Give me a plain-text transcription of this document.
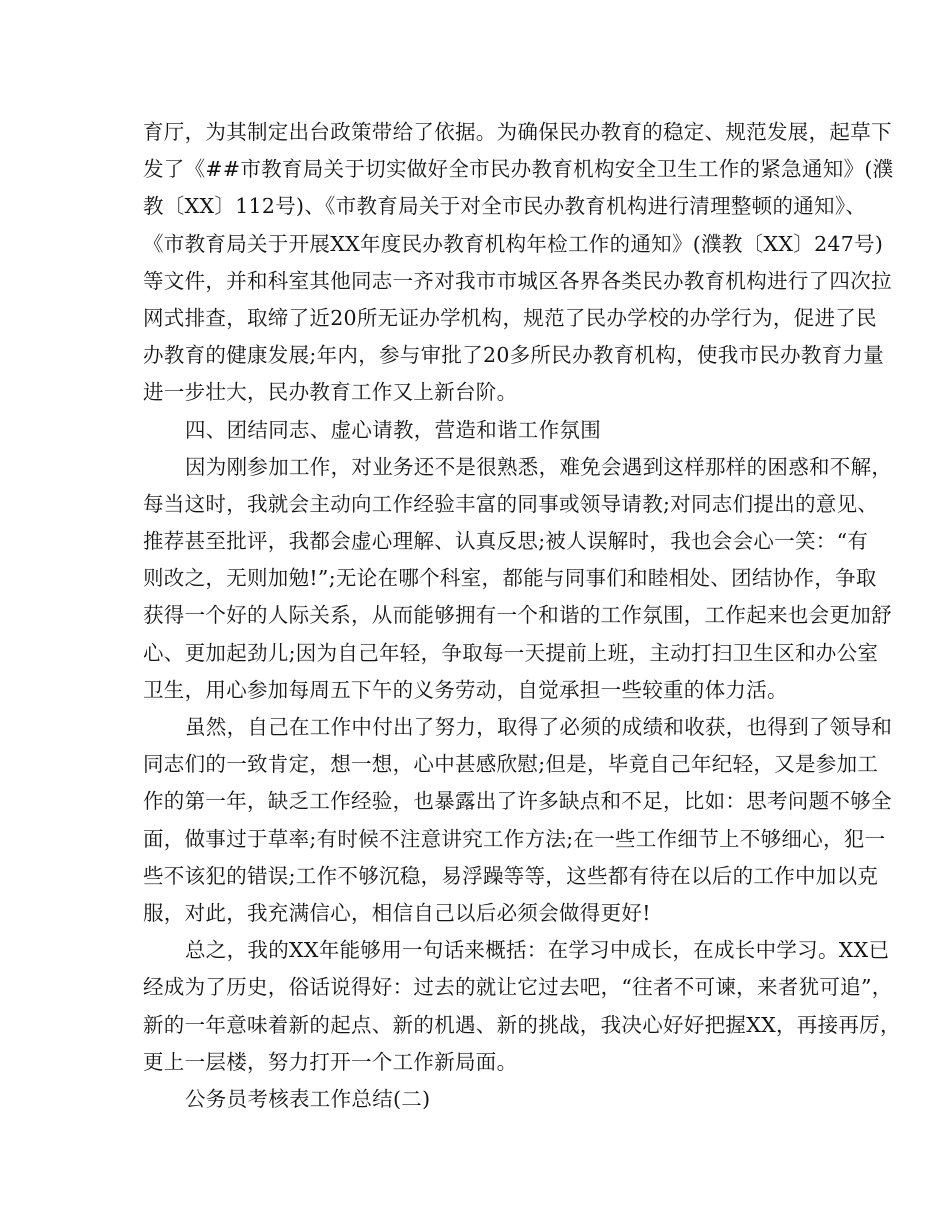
育厅，为其制定出台政策带给了依据。为确保民办教育的稳定、规范发展，起草下
发了《##市教育局关于切实做好全市民办教育机构安全卫生工作的紧急通知》(濮
教〔XX〕112号)、《市教育局关于对全市民办教育机构进行清理整顿的通知》、
《市教育局关于开展XX年度民办教育机构年检工作的通知》(濮教〔XX〕247号)
等文件，并和科室其他同志一齐对我市市城区各界各类民办教育机构进行了四次拉
网式排查，取缔了近20所无证办学机构，规范了民办学校的办学行为，促进了民
办教育的健康发展;年内，参与审批了20多所民办教育机构，使我市民办教育力量
进一步壮大，民办教育工作又上新台阶。
四、团结同志、虚心请教，营造和谐工作氛围
因为刚参加工作，对业务还不是很熟悉，难免会遇到这样那样的困惑和不解，
每当这时，我就会主动向工作经验丰富的同事或领导请教;对同志们提出的意见、
推荐甚至批评，我都会虚心理解、认真反思;被人误解时，我也会会心一笑：“有
则改之，无则加勉!”;无论在哪个科室，都能与同事们和睦相处、团结协作，争取
获得一个好的人际关系，从而能够拥有一个和谐的工作氛围，工作起来也会更加舒
心、更加起劲儿;因为自己年轻，争取每一天提前上班，主动打扫卫生区和办公室
卫生，用心参加每周五下午的义务劳动，自觉承担一些较重的体力活。
虽然，自己在工作中付出了努力，取得了必须的成绩和收获，也得到了领导和
同志们的一致肯定，想一想，心中甚感欣慰;但是，毕竟自己年纪轻，又是参加工
作的第一年，缺乏工作经验，也暴露出了许多缺点和不足，比如：思考问题不够全
面，做事过于草率;有时候不注意讲究工作方法;在一些工作细节上不够细心，犯一
些不该犯的错误;工作不够沉稳，易浮躁等等，这些都有待在以后的工作中加以克
服，对此，我充满信心，相信自己以后必须会做得更好!
总之，我的XX年能够用一句话来概括：在学习中成长，在成长中学习。XX已
经成为了历史，俗话说得好：过去的就让它过去吧，“往者不可谏，来者犹可追”，
新的一年意味着新的起点、新的机遇、新的挑战，我决心好好把握XX，再接再厉，
更上一层楼，努力打开一个工作新局面。
公务员考核表工作总结(二)
